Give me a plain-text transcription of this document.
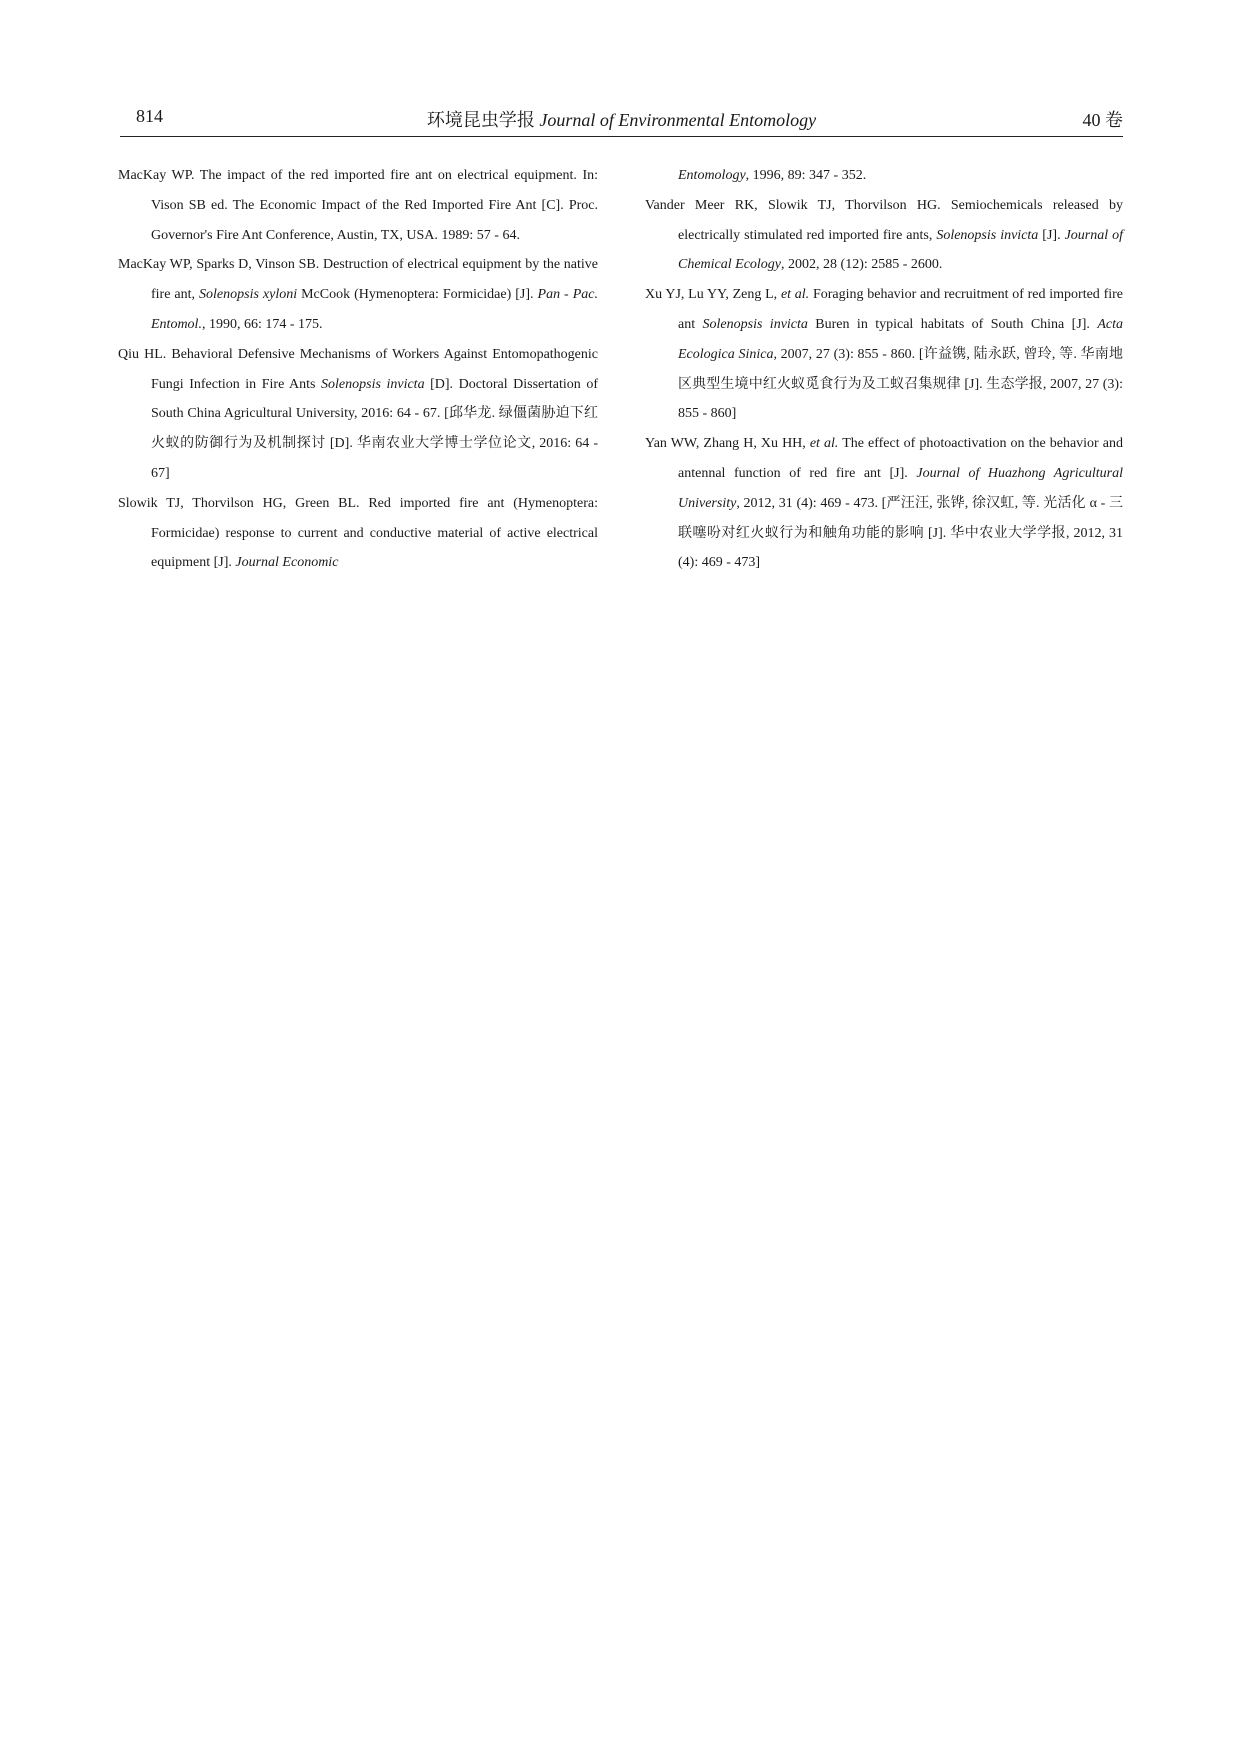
814	环境昆虫学报 Journal of Environmental Entomology	40 卷

MacKay WP. The impact of the red imported fire ant on electrical equipment. In: Vison SB ed. The Economic Impact of the Red Imported Fire Ant [C]. Proc. Governor's Fire Ant Conference, Austin, TX, USA. 1989: 57 - 64.

MacKay WP, Sparks D, Vinson SB. Destruction of electrical equipment by the native fire ant, Solenopsis xyloni McCook (Hymenoptera: Formicidae) [J]. Pan - Pac. Entomol., 1990, 66: 174 - 175.

Qiu HL. Behavioral Defensive Mechanisms of Workers Against Entomopathogenic Fungi Infection in Fire Ants Solenopsis invicta [D]. Doctoral Dissertation of South China Agricultural University, 2016: 64 - 67. [邱华龙. 绿僵菌胁迫下红火蚁的防御行为及机制探讨 [D]. 华南农业大学博士学位论文, 2016: 64 - 67]

Slowik TJ, Thorvilson HG, Green BL. Red imported fire ant (Hymenoptera: Formicidae) response to current and conductive material of active electrical equipment [J]. Journal Economic

Entomology, 1996, 89: 347 - 352.

Vander Meer RK, Slowik TJ, Thorvilson HG. Semiochemicals released by electrically stimulated red imported fire ants, Solenopsis invicta [J]. Journal of Chemical Ecology, 2002, 28 (12): 2585 - 2600.

Xu YJ, Lu YY, Zeng L, et al. Foraging behavior and recruitment of red imported fire ant Solenopsis invicta Buren in typical habitats of South China [J]. Acta Ecologica Sinica, 2007, 27 (3): 855 - 860. [许益镌, 陆永跃, 曾玲, 等. 华南地区典型生境中红火蚁觅食行为及工蚁召集规律 [J]. 生态学报, 2007, 27 (3): 855 - 860]

Yan WW, Zhang H, Xu HH, et al. The effect of photoactivation on the behavior and antennal function of red fire ant [J]. Journal of Huazhong Agricultural University, 2012, 31 (4): 469 - 473. [严汪汪, 张铧, 徐汉虹, 等. 光活化 α - 三联噻吩对红火蚁行为和触角功能的影响 [J]. 华中农业大学学报, 2012, 31 (4): 469 - 473]
